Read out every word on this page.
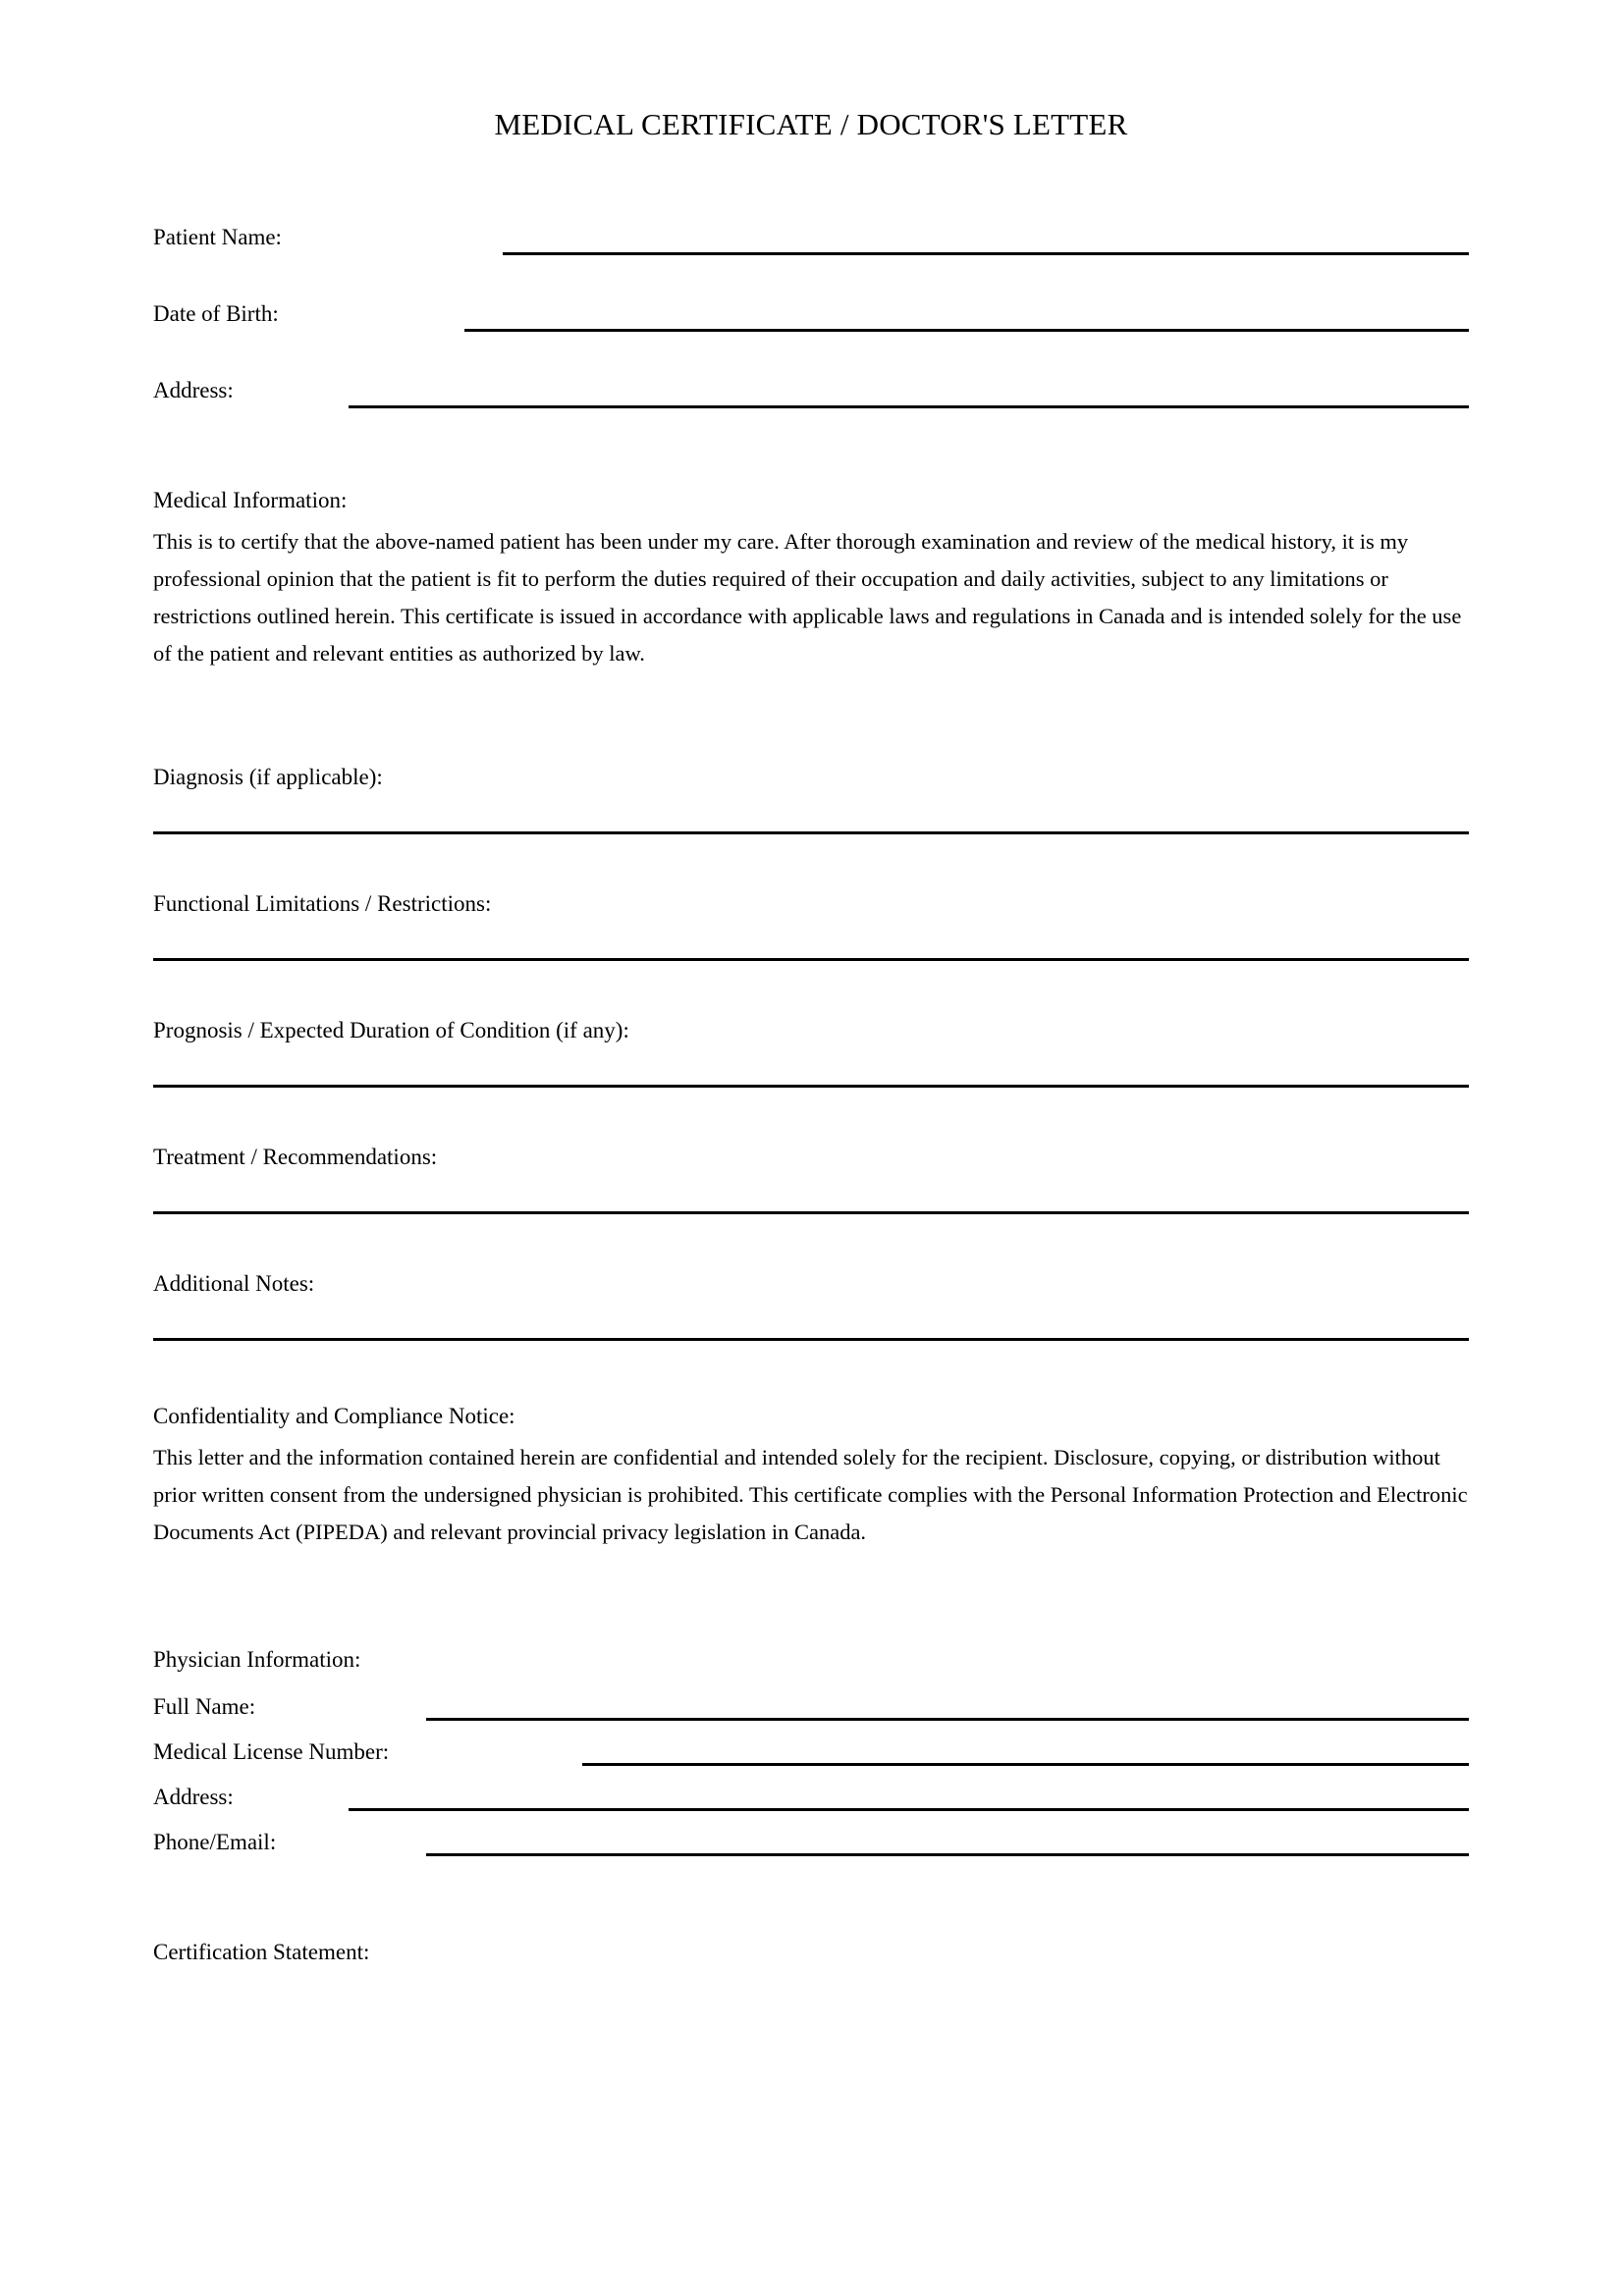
MEDICAL CERTIFICATE / DOCTOR'S LETTER
Patient Name:
Date of Birth:
Address:
Medical Information:

This is to certify that the above-named patient has been under my care. After thorough examination and review of the medical history, it is my professional opinion that the patient is fit to perform the duties required of their occupation and daily activities, subject to any limitations or restrictions outlined herein. This certificate is issued in accordance with applicable laws and regulations in Canada and is intended solely for the use of the patient and relevant entities as authorized by law.

Diagnosis (if applicable):
Functional Limitations / Restrictions:
Prognosis / Expected Duration of Condition (if any):
Treatment / Recommendations:
Additional Notes:
Confidentiality and Compliance Notice:

This letter and the information contained herein are confidential and intended solely for the recipient. Disclosure, copying, or distribution without prior written consent from the undersigned physician is prohibited. This certificate complies with the Personal Information Protection and Electronic Documents Act (PIPEDA) and relevant provincial privacy legislation in Canada.

Physician Information:
Full Name:
Medical License Number:
Address:
Phone/Email:
Certification Statement:
